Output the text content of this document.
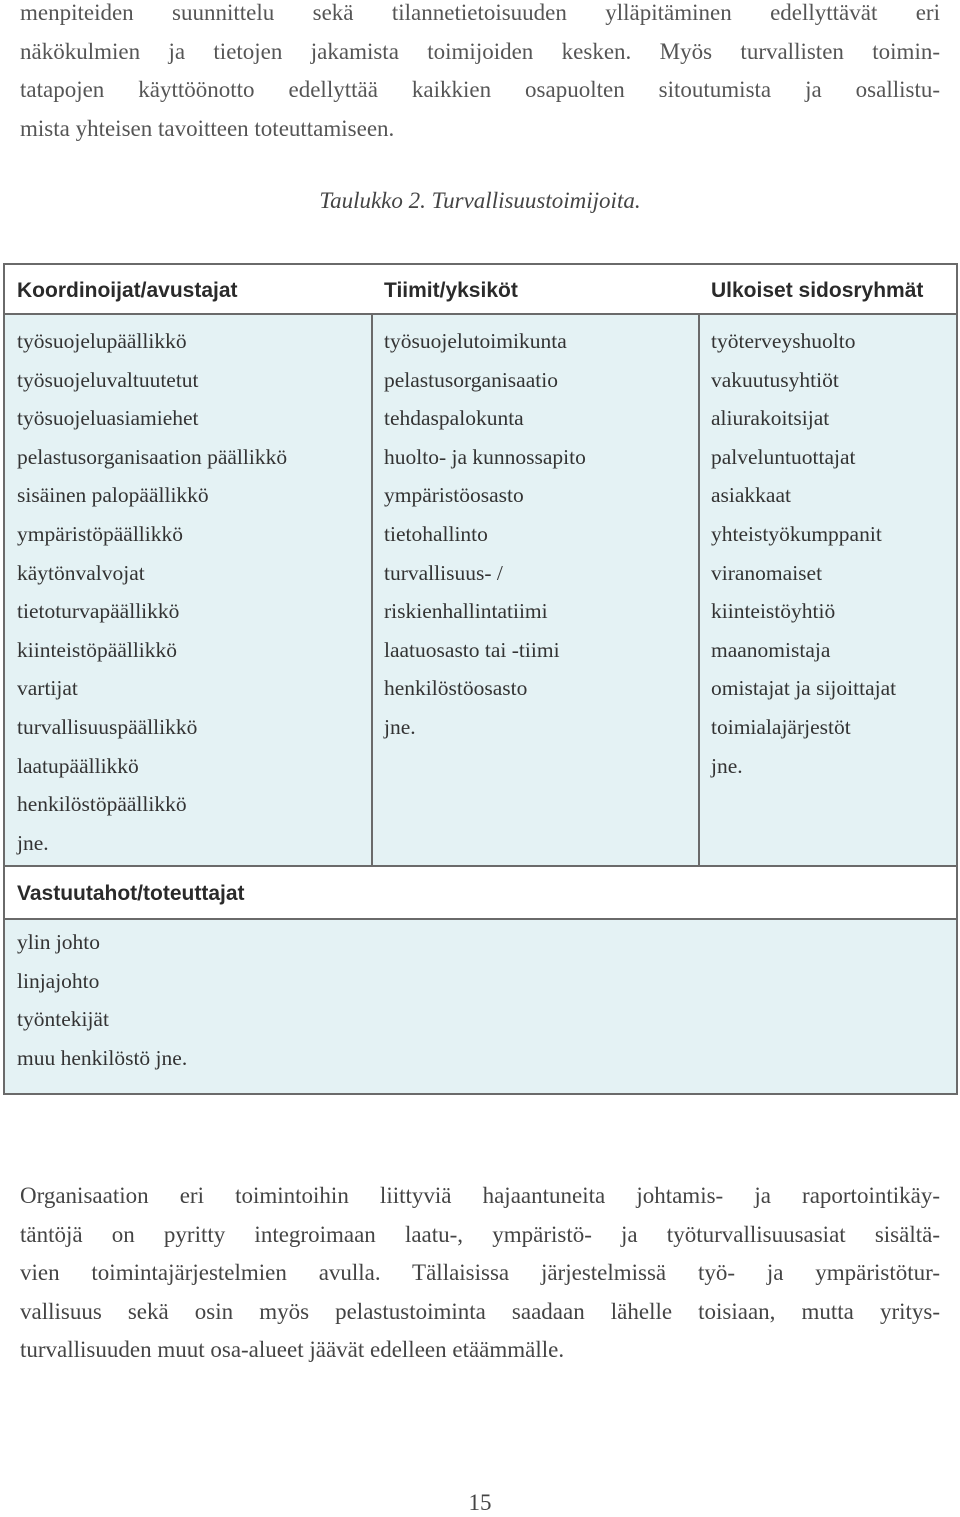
menpiteiden suunnittelu sekä tilannetietoisuuden ylläpitäminen edellyttävät eri
näkökulmien ja tietojen jakamista toimijoiden kesken. Myös turvallisten toimin-
tatapojen käyttöönotto edellyttää kaikkien osapuolten sitoutumista ja osallistu-
mista yhteisen tavoitteen toteuttamiseen.
Taulukko 2. Turvallisuustoimijoita.
Koordinoijat/avustajat	Tiimit/yksiköt	Ulkoiset sidosryhmät
työsuojelupäällikkö
työsuojeluvaltuutetut
työsuojeluasiamiehet
pelastusorganisaation päällikkö
sisäinen palopäällikkö
ympäristöpäällikkö
käytönvalvojat
tietoturvapäällikkö
kiinteistöpäällikkö
vartijat
turvallisuuspäällikkö
laatupäällikkö
henkilöstöpäällikkö
jne.
työsuojelutoimikunta
pelastusorganisaatio
tehdaspalokunta
huolto- ja kunnossapito
ympäristöosasto
tietohallinto
turvallisuus- /
riskienhallintatiimi
laatuosasto tai -tiimi
henkilöstöosasto
jne.
työterveyshuolto
vakuutusyhtiöt
aliurakoitsijat
palveluntuottajat
asiakkaat
yhteistyökumppanit
viranomaiset
kiinteistöyhtiö
maanomistaja
omistajat ja sijoittajat
toimialajärjestöt
jne.
Vastuutahot/toteuttajat
ylin johto
linjajohto
työntekijät
muu henkilöstö jne.
Organisaation eri toimintoihin liittyviä hajaantuneita johtamis- ja raportointikäy-
täntöjä on pyritty integroimaan laatu-, ympäristö- ja työturvallisuusasiat sisältä-
vien toimintajärjestelmien avulla. Tällaisissa järjestelmissä työ- ja ympäristötur-
vallisuus sekä osin myös pelastustoiminta saadaan lähelle toisiaan, mutta yritys-
turvallisuuden muut osa-alueet jäävät edelleen etäämmälle.
15
